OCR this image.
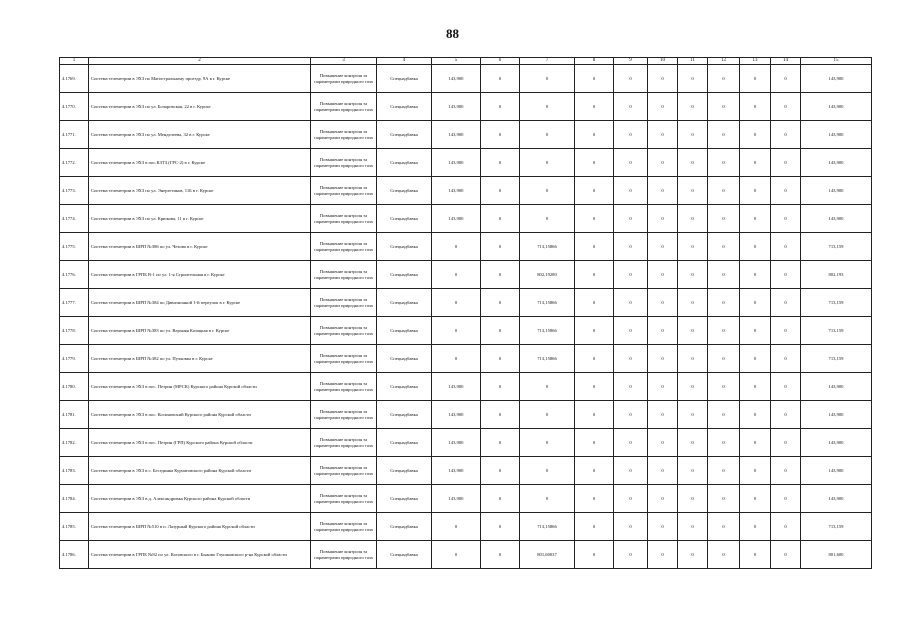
88
1	2	3	4	5	6	7	8	9	10	11	12	13	14	15
4.1769.	Система телеметрии в ЭХЗ по Магистральному проезду, 9А в г. Курске	Повышение контроля за параметрами природного газа	Спецнадбавка	143,900	0	0	0	0	0	0	0	0	0	143,900
4.1770.	Система телеметрии в ЭХЗ по ул. Бочаровская, 22 в г. Курске	Повышение контроля за параметрами природного газа	Спецнадбавка	143,900	0	0	0	0	0	0	0	0	0	143,900
4.1771.	Система телеметрии в ЭХЗ по ул. Менделеева, 32 в г. Курске	Повышение контроля за параметрами природного газа	Спецнадбавка	143,900	0	0	0	0	0	0	0	0	0	143,900
4.1772.	Система телеметрии в ЭХЗ в пос.КЗТЗ (ГРС-2) в г. Курске	Повышение контроля за параметрами природного газа	Спецнадбавка	143,900	0	0	0	0	0	0	0	0	0	143,900
4.1773.	Система телеметрии в ЭХЗ по ул. Энергетиков, 11Б в г. Курске	Повышение контроля за параметрами природного газа	Спецнадбавка	143,900	0	0	0	0	0	0	0	0	0	143,900
4.1774.	Система телеметрии в ЭХЗ по ул. Крюкова, 11 в г. Курске	Повышение контроля за параметрами природного газа	Спецнадбавка	143,900	0	0	0	0	0	0	0	0	0	143,900
4.1775.	Система телеметрии в ШРП №386 по ул. Чехова в г. Курске	Повышение контроля за параметрами природного газа	Спецнадбавка	0	0	713,15866	0	0	0	0	0	0	0	713,159
4.1776.	Система телеметрии в ГРПБ В-1 по ул. 1-я Строительная в г. Курске	Повышение контроля за параметрами природного газа	Спецнадбавка	0	0	802,19280	0	0	0	0	0	0	0	802,193
4.1777.	Система телеметрии в ШРП №384 по Дивизионной 1-й переулок в г. Курске	Повышение контроля за параметрами природного газа	Спецнадбавка	0	0	713,15866	0	0	0	0	0	0	0	713,159
4.1778.	Система телеметрии в ШРП №383 по ул. Верхняя Казацкая в г. Курске	Повышение контроля за параметрами природного газа	Спецнадбавка	0	0	713,15866	0	0	0	0	0	0	0	713,159
4.1779.	Система телеметрии в ШРП №382 по ул. Пучковка в г. Курске	Повышение контроля за параметрами природного газа	Спецнадбавка	0	0	713,15866	0	0	0	0	0	0	0	713,159
4.1780.	Система телеметрии в ЭХЗ в пос. Петрин (МРСК) Курского района Курской области	Повышение контроля за параметрами природного газа	Спецнадбавка	143,900	0	0	0	0	0	0	0	0	0	143,900
4.1781.	Система телеметрии в ЭХЗ в пос. Косиновский Курского района Курской области	Повышение контроля за параметрами природного газа	Спецнадбавка	143,900	0	0	0	0	0	0	0	0	0	143,900
4.1782.	Система телеметрии в ЭХЗ в пос. Петрин (ГРП) Курского района Курской области	Повышение контроля за параметрами природного газа	Спецнадбавка	143,900	0	0	0	0	0	0	0	0	0	143,900
4.1783.	Система телеметрии в ЭХЗ в с. Бесединка Курчатовского района Курской области	Повышение контроля за параметрами природного газа	Спецнадбавка	143,900	0	0	0	0	0	0	0	0	0	143,900
4.1784.	Система телеметрии в ЭХЗ в д. Александровка Курского района Курской области	Повышение контроля за параметрами природного газа	Спецнадбавка	143,900	0	0	0	0	0	0	0	0	0	143,900
4.1785.	Система телеметрии в ШРП №510 в п. Лазурный Курского района Курской области	Повышение контроля за параметрами природного газа	Спецнадбавка	0	0	713,15866	0	0	0	0	0	0	0	713,159
4.1786.	Система телеметрии в ГРПБ №82 по ул. Котовского в г. Быково Глушковского р-на Курской области	Повышение контроля за параметрами природного газа	Спецнадбавка	0	0	801,60037	0	0	0	0	0	0	0	801,600
